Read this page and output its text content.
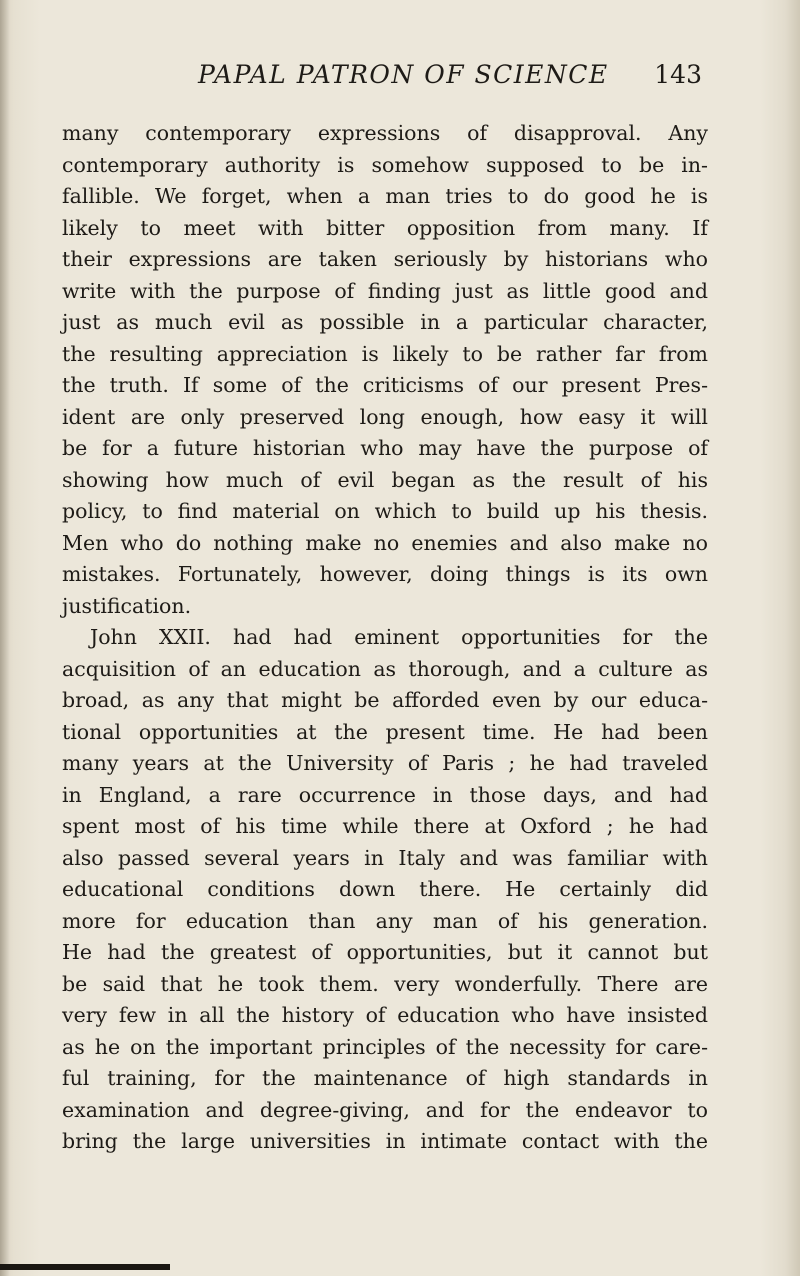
PAPAL PATRON OF SCIENCE 143
many contemporary expressions of disapproval. Any
contemporary authority is somehow supposed to be in-
fallible. We forget, when a man tries to do good he is
likely to meet with bitter opposition from many. If
their expressions are taken seriously by historians who
write with the purpose of finding just as little good and
just as much evil as possible in a particular character,
the resulting appreciation is likely to be rather far from
the truth. If some of the criticisms of our present Pres-
ident are only preserved long enough, how easy it will
be for a future historian who may have the purpose of
showing how much of evil began as the result of his
policy, to find material on which to build up his thesis.
Men who do nothing make no enemies and also make no
mistakes. Fortunately, however, doing things is its own
justification.
John XXII. had had eminent opportunities for the
acquisition of an education as thorough, and a culture as
broad, as any that might be afforded even by our educa-
tional opportunities at the present time. He had been
many years at the University of Paris ; he had traveled
in England, a rare occurrence in those days, and had
spent most of his time while there at Oxford ; he had
also passed several years in Italy and was familiar with
educational conditions down there. He certainly did
more for education than any man of his generation.
He had the greatest of opportunities, but it cannot but
be said that he took them. very wonderfully. There are
very few in all the history of education who have insisted
as he on the important principles of the necessity for care-
ful training, for the maintenance of high standards in
examination and degree-giving, and for the endeavor to
bring the large universities in intimate contact with the
